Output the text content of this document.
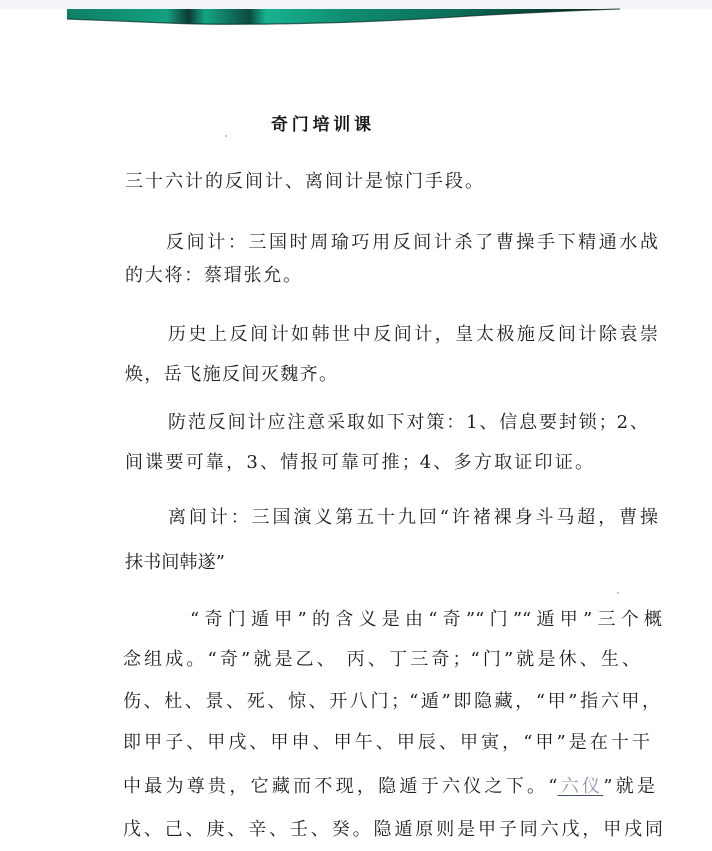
奇门培训课
三十六计的反间计、离间计是惊门手段。
反间计：三国时周瑜巧用反间计杀了曹操手下精通水战
的大将：蔡瑁张允。
历史上反间计如韩世中反间计，皇太极施反间计除袁崇
焕，岳飞施反间灭魏齐。
防范反间计应注意采取如下对策：1、信息要封锁；2、
间谍要可靠，3、情报可靠可推；4、多方取证印证。
离间计：三国演义第五十九回“许褚裸身斗马超，曹操
抹书间韩遂”
“奇门遁甲”的含义是由“奇”“门”“遁甲”三个概
念组成。“奇”就是乙、 丙、丁三奇；“门”就是休、生、
伤、杜、景、死、惊、开八门；“遁”即隐藏，“甲”指六甲，
即甲子、甲戌、甲申、甲午、甲辰、甲寅，“甲”是在十干
中最为尊贵，它藏而不现，隐遁于六仪之下。“六仪”就是
戊、己、庚、辛、壬、癸。隐遁原则是甲子同六戊，甲戌同
